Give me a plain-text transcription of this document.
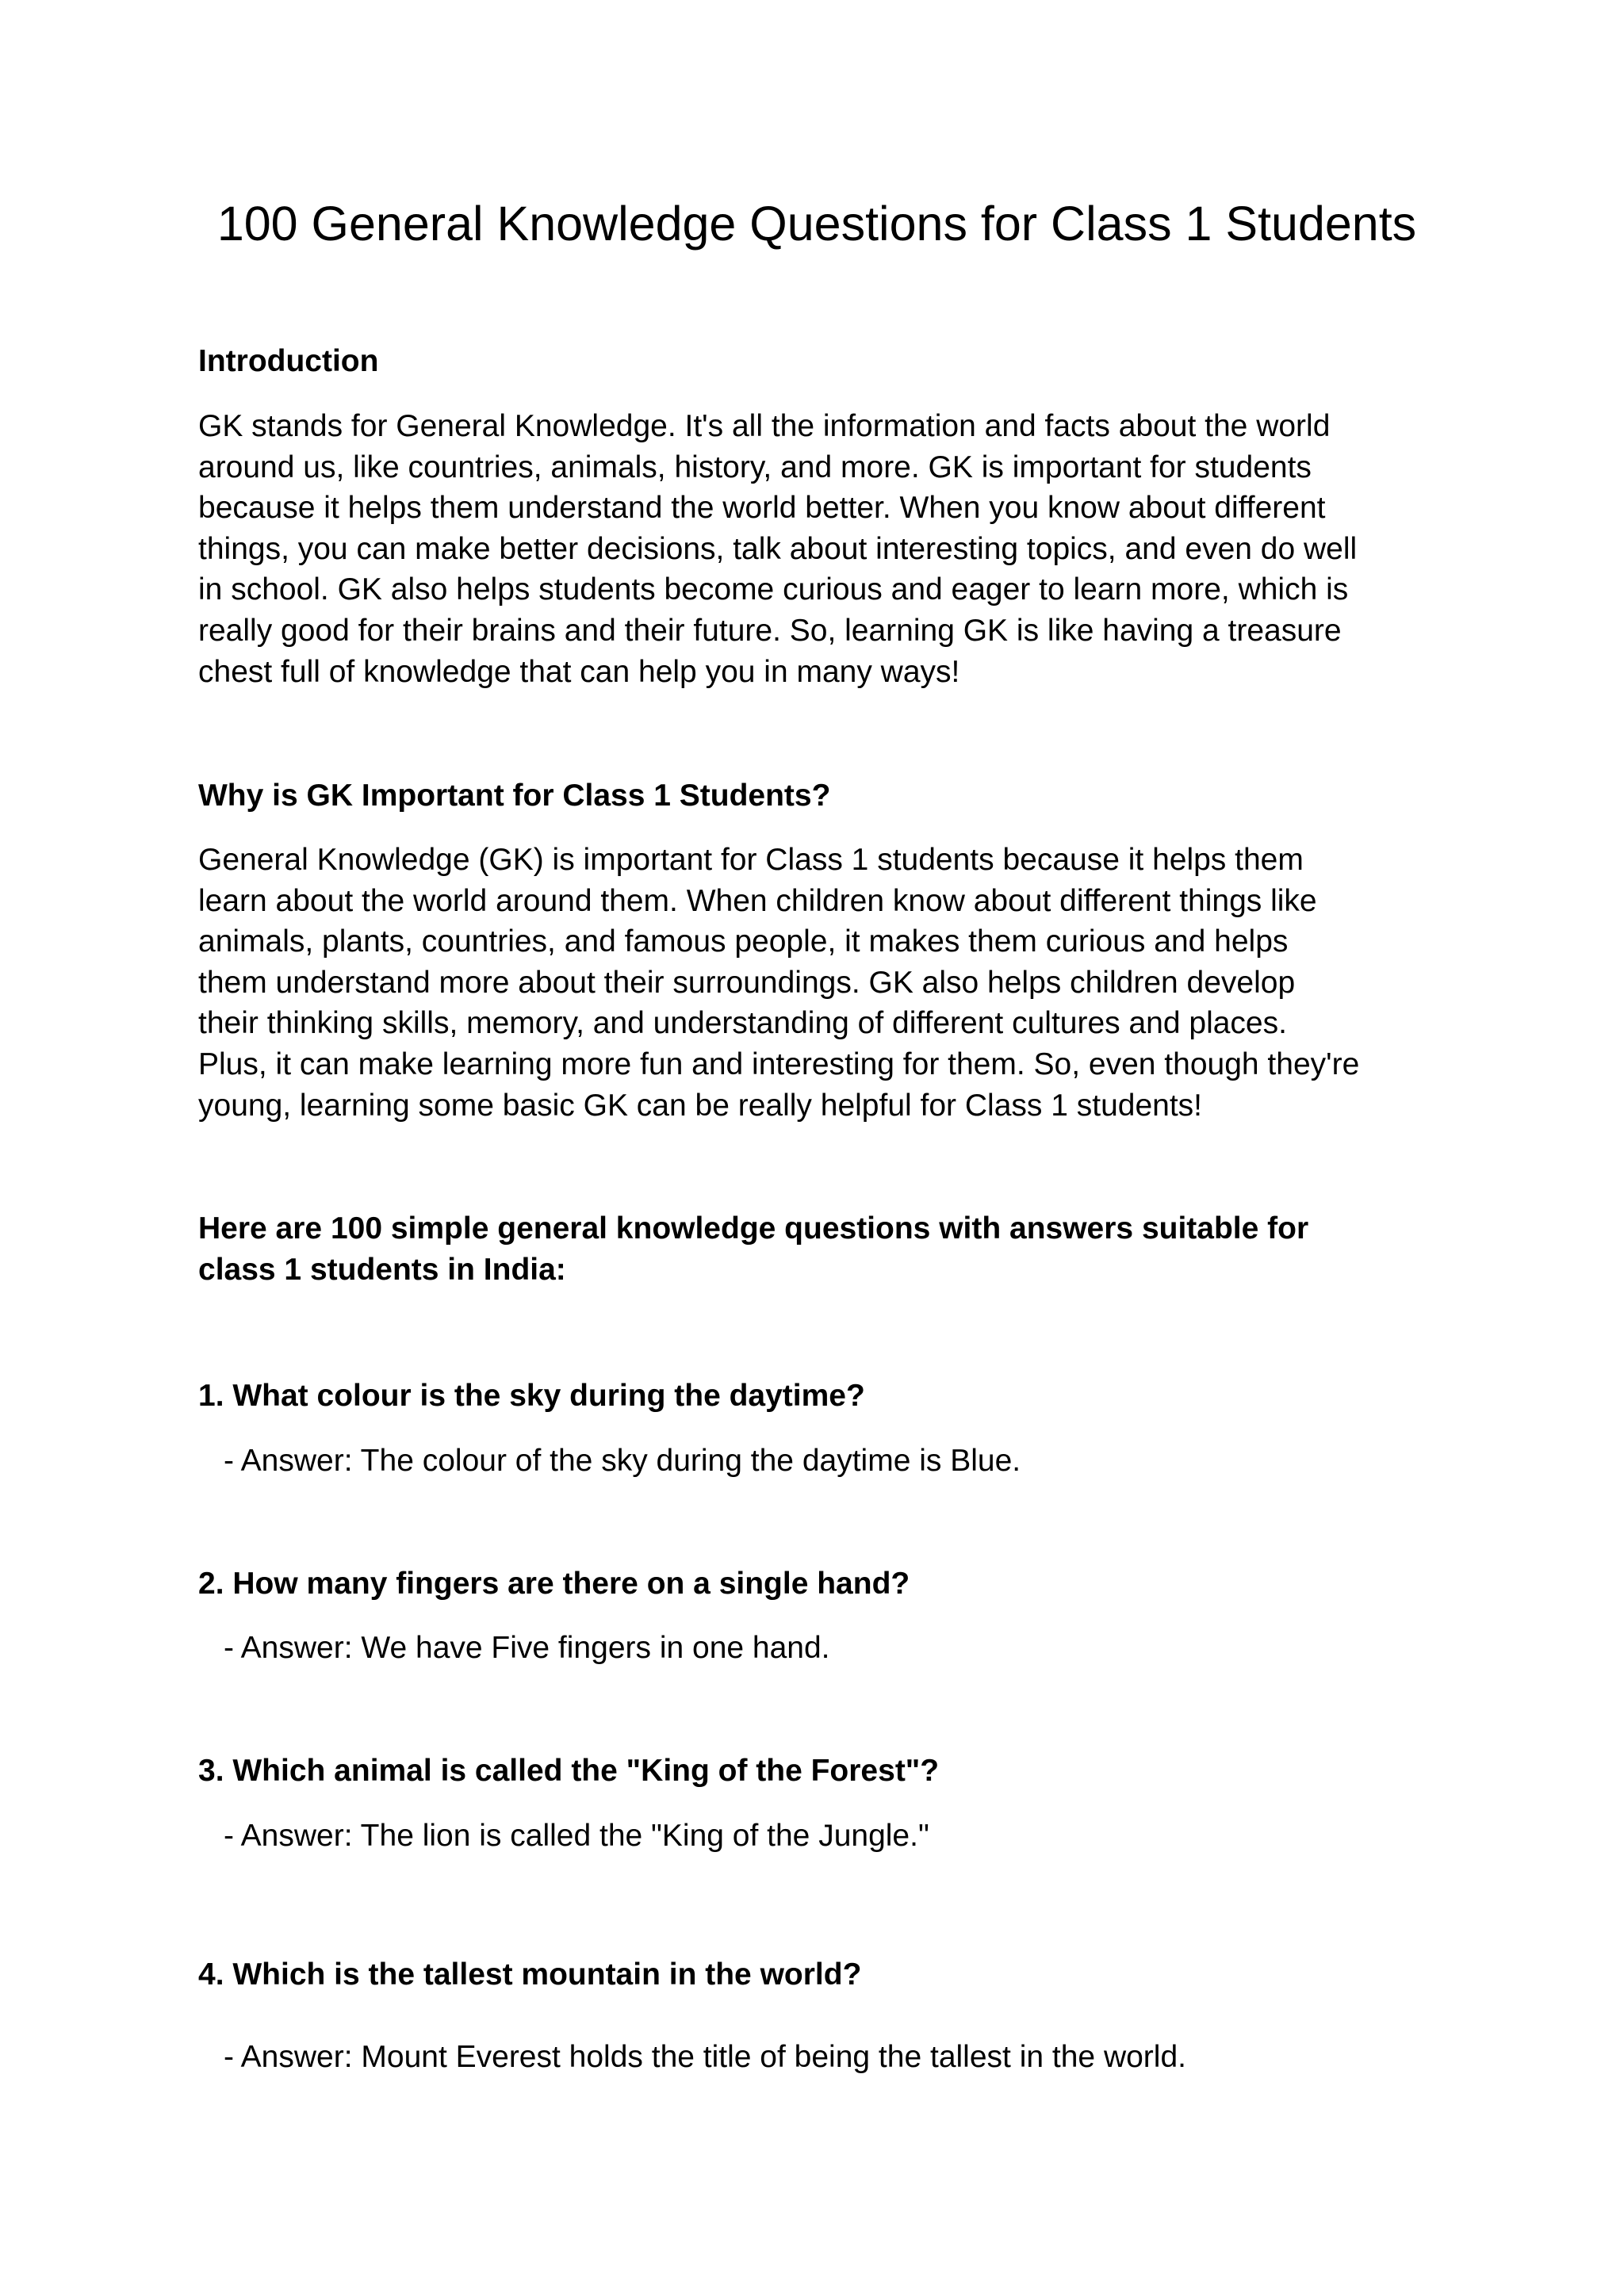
100 General Knowledge Questions for Class 1 Students
Introduction
GK stands for General Knowledge. It's all the information and facts about the world
around us, like countries, animals, history, and more. GK is important for students
because it helps them understand the world better. When you know about different
things, you can make better decisions, talk about interesting topics, and even do well
in school. GK also helps students become curious and eager to learn more, which is
really good for their brains and their future. So, learning GK is like having a treasure
chest full of knowledge that can help you in many ways!
Why is GK Important for Class 1 Students?
General Knowledge (GK) is important for Class 1 students because it helps them
learn about the world around them. When children know about different things like
animals, plants, countries, and famous people, it makes them curious and helps
them understand more about their surroundings. GK also helps children develop
their thinking skills, memory, and understanding of different cultures and places.
Plus, it can make learning more fun and interesting for them. So, even though they're
young, learning some basic GK can be really helpful for Class 1 students!
Here are 100 simple general knowledge questions with answers suitable for
class 1 students in India:
1. What colour is the sky during the daytime?
- Answer: The colour of the sky during the daytime is Blue.
2. How many fingers are there on a single hand?
- Answer: We have Five fingers in one hand.
3. Which animal is called the "King of the Forest"?
- Answer: The lion is called the "King of the Jungle."
4. Which is the tallest mountain in the world?
- Answer: Mount Everest holds the title of being the tallest in the world.
